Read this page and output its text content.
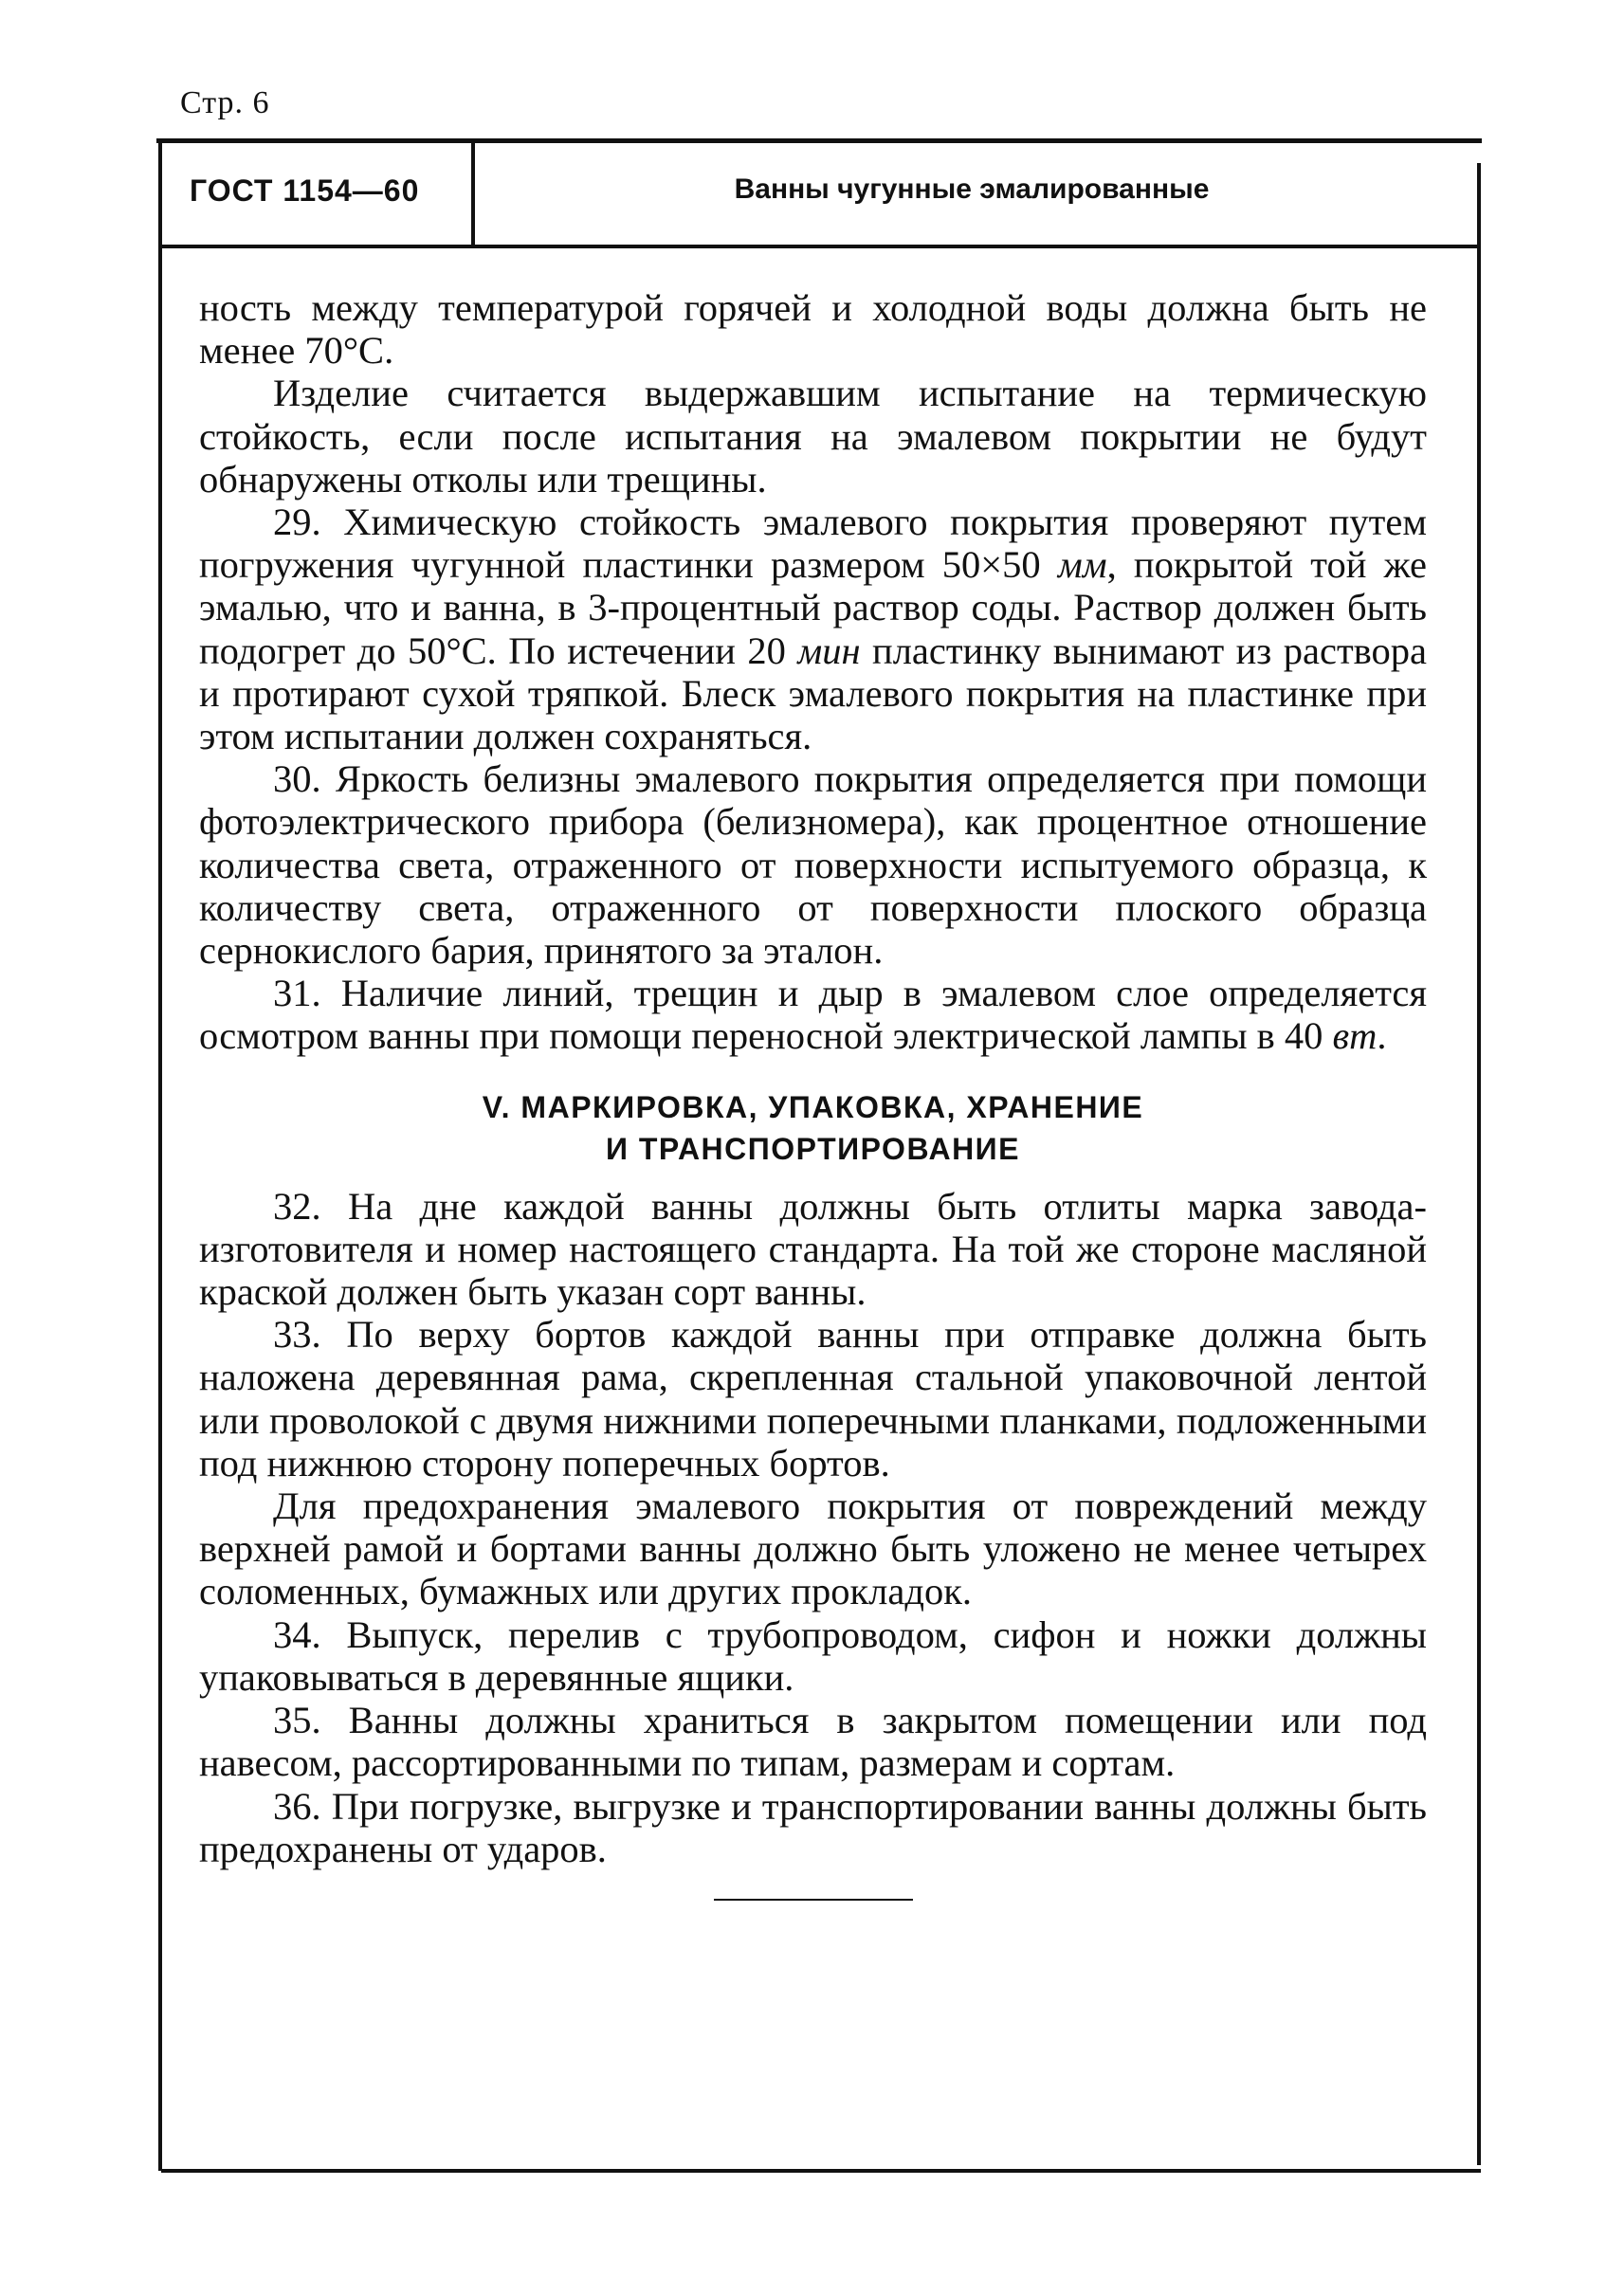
Стр. 6
ГОСТ 1154—60	Ванны чугунные эмалированные

ность между температурой горячей и холодной воды должна быть не менее 70°С.

Изделие считается выдержавшим испытание на термическую стойкость, если после испытания на эмалевом покрытии не будут обнаружены отколы или трещины.

29. Химическую стойкость эмалевого покрытия проверяют путем погружения чугунной пластинки размером 50×50 мм, покрытой той же эмалью, что и ванна, в 3-процентный раствор соды. Раствор должен быть подогрет до 50°С. По истечении 20 мин пластинку вынимают из раствора и протирают сухой тряпкой. Блеск эмалевого покрытия на пластинке при этом испытании должен сохраняться.

30. Яркость белизны эмалевого покрытия определяется при помощи фотоэлектрического прибора (белизномера), как процентное отношение количества света, отраженного от поверхности испытуемого образца, к количеству света, отраженного от поверхности плоского образца сернокислого бария, принятого за эталон.

31. Наличие линий, трещин и дыр в эмалевом слое определяется осмотром ванны при помощи переносной электрической лампы в 40 вт.

V. МАРКИРОВКА, УПАКОВКА, ХРАНЕНИЕ
И ТРАНСПОРТИРОВАНИЕ

32. На дне каждой ванны должны быть отлиты марка завода-изготовителя и номер настоящего стандарта. На той же стороне масляной краской должен быть указан сорт ванны.

33. По верху бортов каждой ванны при отправке должна быть наложена деревянная рама, скрепленная стальной упаковочной лентой или проволокой с двумя нижними поперечными планками, подложенными под нижнюю сторону поперечных бортов.

Для предохранения эмалевого покрытия от повреждений между верхней рамой и бортами ванны должно быть уложено не менее четырех соломенных, бумажных или других прокладок.

34. Выпуск, перелив с трубопроводом, сифон и ножки должны упаковываться в деревянные ящики.

35. Ванны должны храниться в закрытом помещении или под навесом, рассортированными по типам, размерам и сортам.

36. При погрузке, выгрузке и транспортировании ванны должны быть предохранены от ударов.
